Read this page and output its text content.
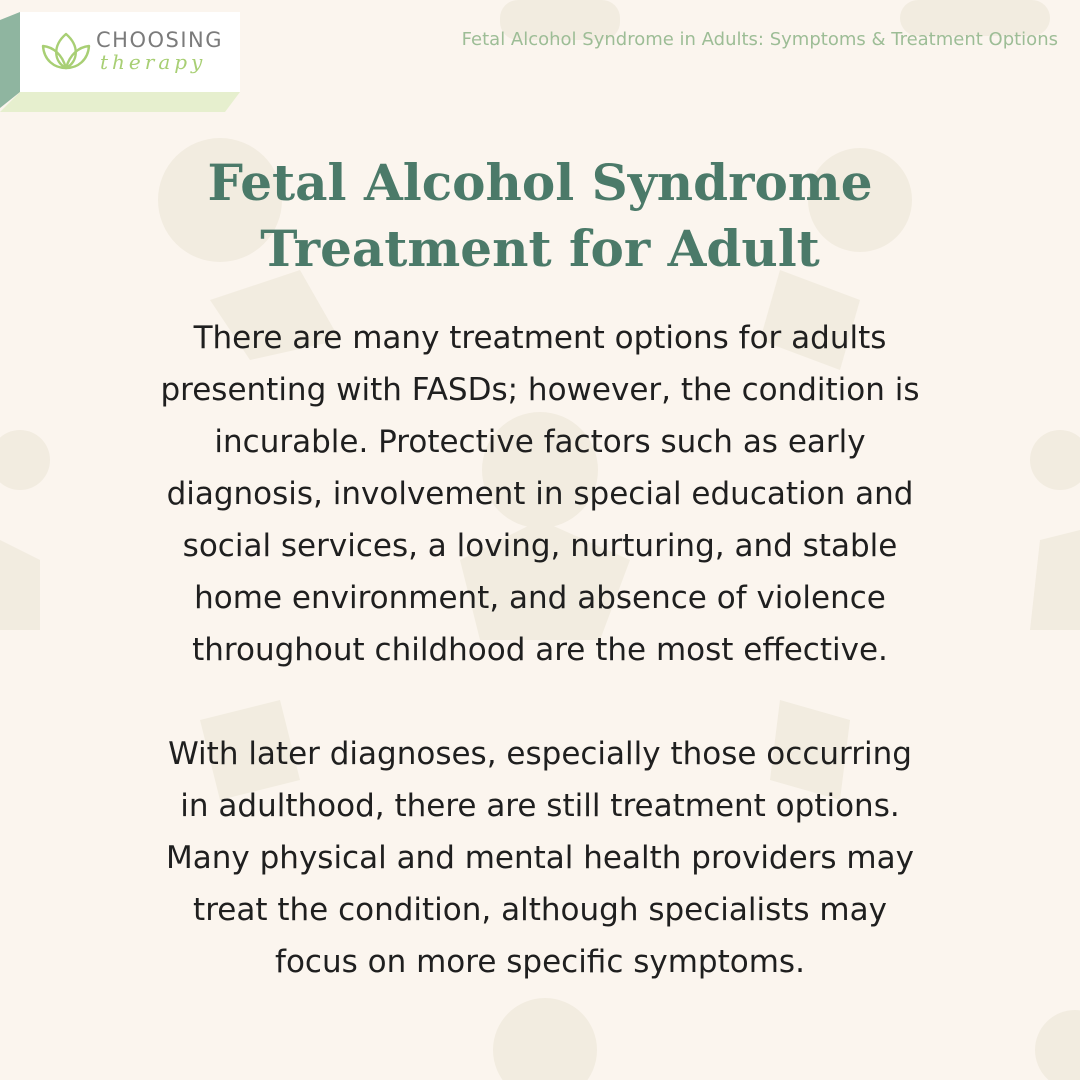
CHOOSING
therapy
Fetal Alcohol Syndrome in Adults: Symptoms & Treatment Options
Fetal Alcohol Syndrome
Treatment for Adult
There are many treatment options for adults
presenting with FASDs; however, the condition is
incurable. Protective factors such as early
diagnosis, involvement in special education and
social services, a loving, nurturing, and stable
home environment, and absence of violence
throughout childhood are the most effective.
With later diagnoses, especially those occurring
in adulthood, there are still treatment options.
Many physical and mental health providers may
treat the condition, although specialists may
focus on more specific symptoms.
